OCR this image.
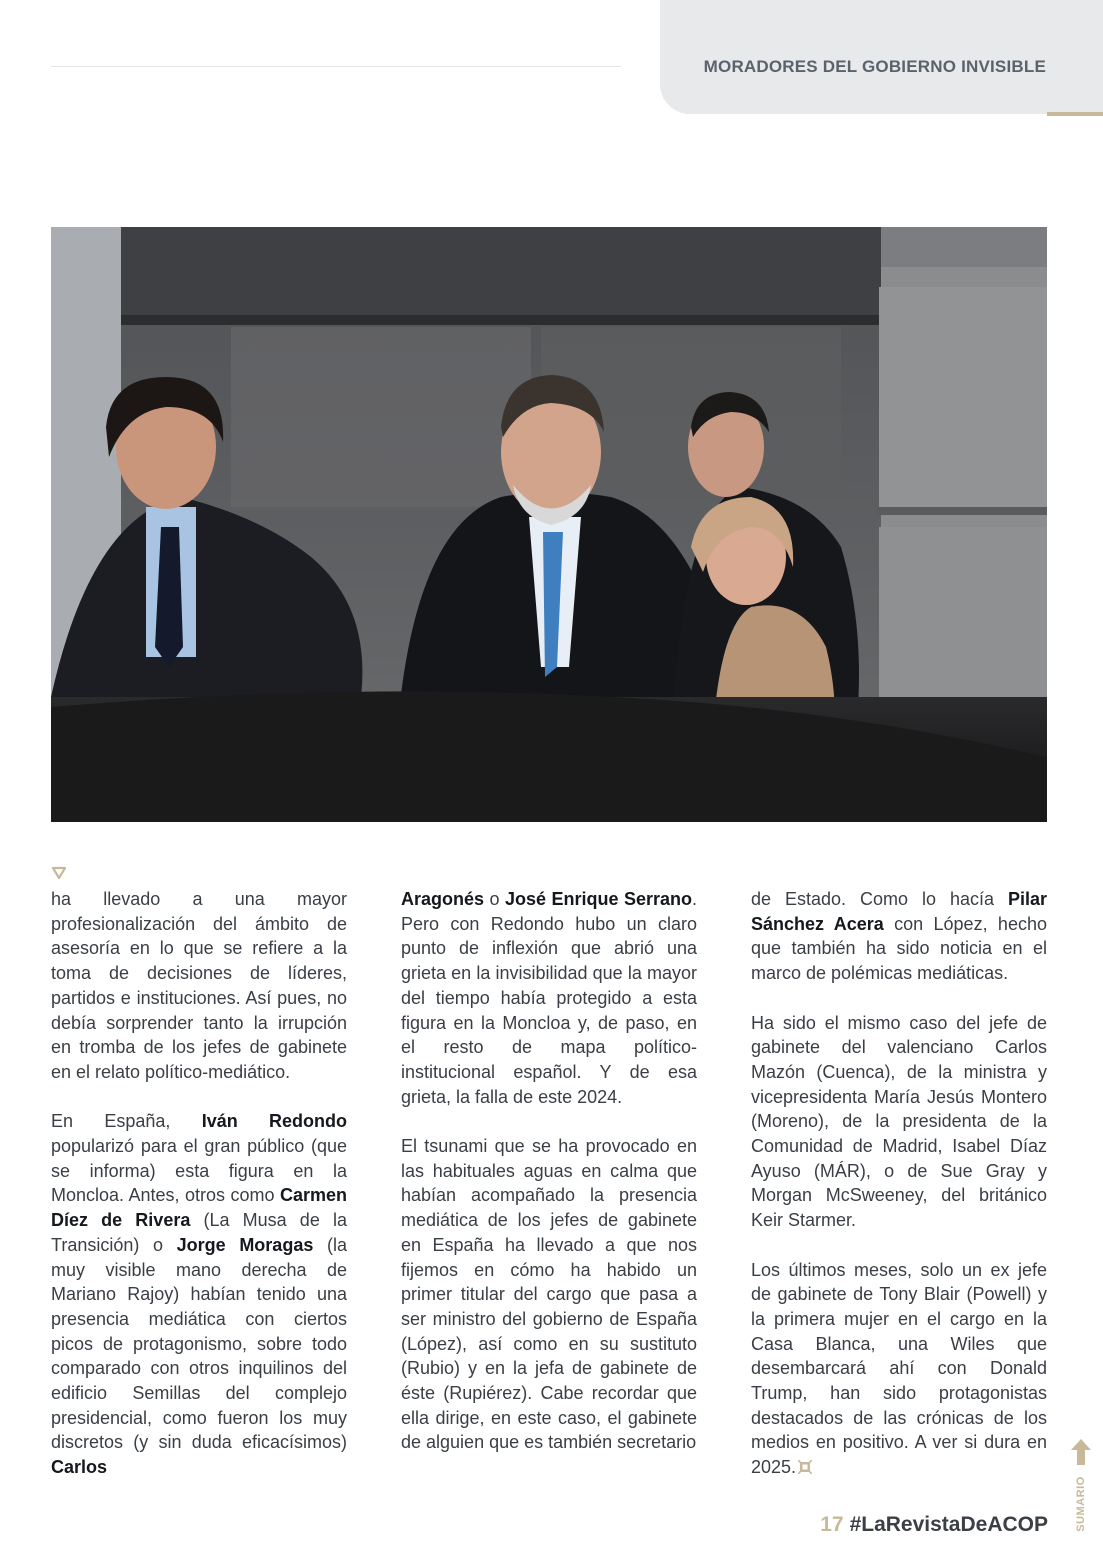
MORADORES DEL GOBIERNO INVISIBLE

ha llevado a una mayor profesionalización del ámbito de asesoría en lo que se refiere a la toma de decisiones de líderes, partidos e instituciones. Así pues, no debía sorprender tanto la irrupción en tromba de los jefes de gabinete en el relato político-mediático.

En España, Iván Redondo popularizó para el gran público (que se informa) esta figura en la Moncloa. Antes, otros como Carmen Díez de Rivera (La Musa de la Transición) o Jorge Moragas (la muy visible mano derecha de Mariano Rajoy) habían tenido una presencia mediática con ciertos picos de protagonismo, sobre todo comparado con otros inquilinos del edificio Semillas del complejo presidencial, como fueron los muy discretos (y sin duda eficacísimos) Carlos

Aragonés o José Enrique Serrano. Pero con Redondo hubo un claro punto de inflexión que abrió una grieta en la invisibilidad que la mayor del tiempo había protegido a esta figura en la Moncloa y, de paso, en el resto de mapa político-institucional español. Y de esa grieta, la falla de este 2024.

El tsunami que se ha provocado en las habituales aguas en calma que habían acompañado la presencia mediática de los jefes de gabinete en España ha llevado a que nos fijemos en cómo ha habido un primer titular del cargo que pasa a ser ministro del gobierno de España (López), así como en su sustituto (Rubio) y en la jefa de gabinete de éste (Rupiérez). Cabe recordar que ella dirige, en este caso, el gabinete de alguien que es también secretario

de Estado. Como lo hacía Pilar Sánchez Acera con López, hecho que también ha sido noticia en el marco de polémicas mediáticas.

Ha sido el mismo caso del jefe de gabinete del valenciano Carlos Mazón (Cuenca), de la ministra y vicepresidenta María Jesús Montero (Moreno), de la presidenta de la Comunidad de Madrid, Isabel Díaz Ayuso (MÁR), o de Sue Gray y Morgan McSweeney, del británico Keir Starmer.

Los últimos meses, solo un ex jefe de gabinete de Tony Blair (Powell) y la primera mujer en el cargo en la Casa Blanca, una Wiles que desembarcará ahí con Donald Trump, han sido protagonistas destacados de las crónicas de los medios en positivo. A ver si dura en 2025.

SUMARIO
17 #LaRevistaDeACOP
